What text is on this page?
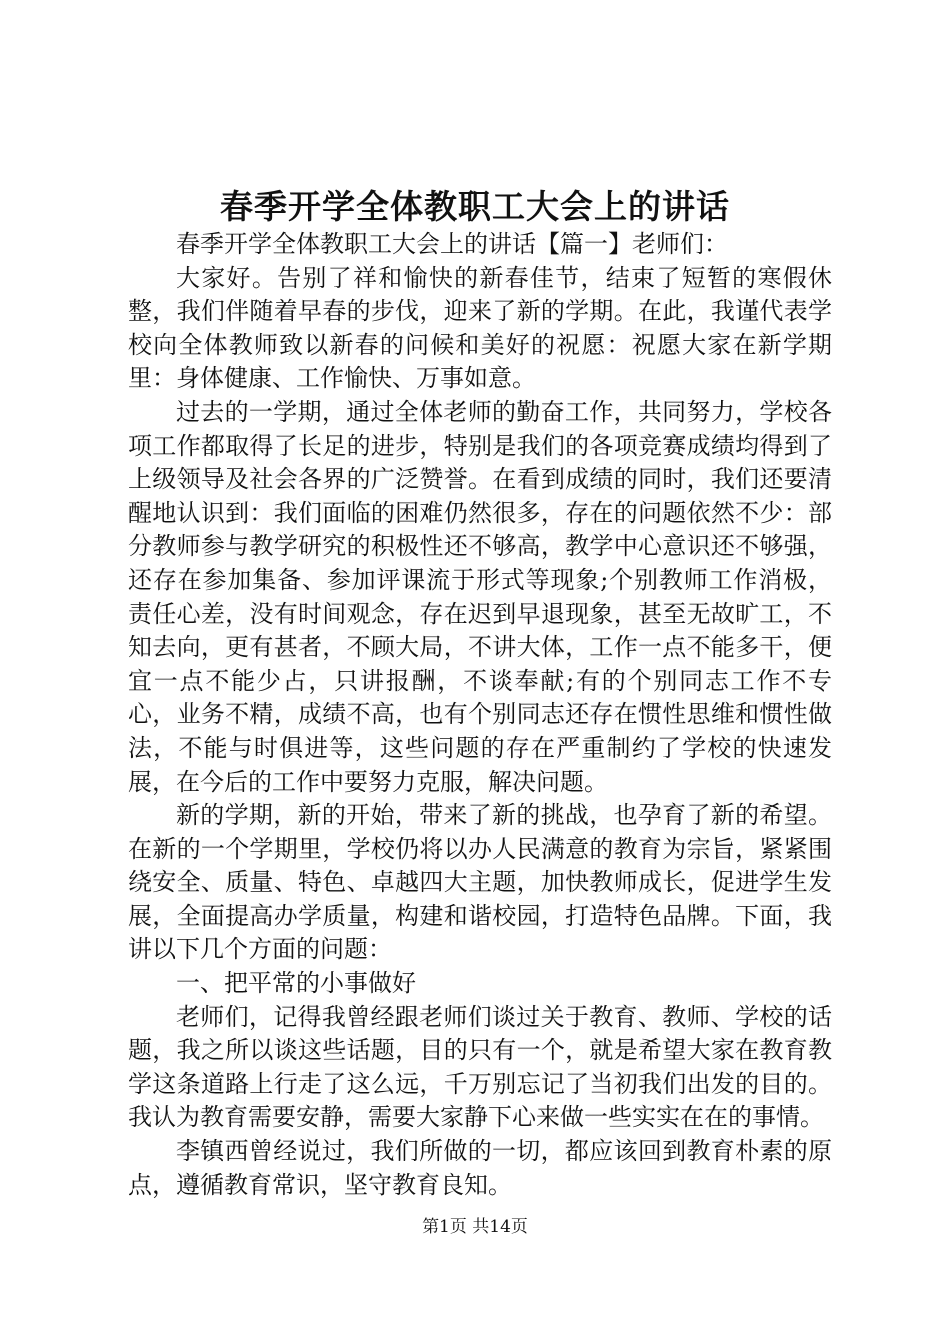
春季开学全体教职工大会上的讲话

春季开学全体教职工大会上的讲话【篇一】老师们：

大家好。告别了祥和愉快的新春佳节，结束了短暂的寒假休整，我们伴随着早春的步伐，迎来了新的学期。在此，我谨代表学校向全体教师致以新春的问候和美好的祝愿：祝愿大家在新学期里：身体健康、工作愉快、万事如意。

过去的一学期，通过全体老师的勤奋工作，共同努力，学校各项工作都取得了长足的进步，特别是我们的各项竞赛成绩均得到了上级领导及社会各界的广泛赞誉。在看到成绩的同时，我们还要清醒地认识到：我们面临的困难仍然很多，存在的问题依然不少：部分教师参与教学研究的积极性还不够高，教学中心意识还不够强，还存在参加集备、参加评课流于形式等现象;个别教师工作消极，责任心差，没有时间观念，存在迟到早退现象，甚至无故旷工，不知去向，更有甚者，不顾大局，不讲大体，工作一点不能多干，便宜一点不能少占，只讲报酬，不谈奉献;有的个别同志工作不专心，业务不精，成绩不高，也有个别同志还存在惯性思维和惯性做法，不能与时俱进等，这些问题的存在严重制约了学校的快速发展，在今后的工作中要努力克服，解决问题。

新的学期，新的开始，带来了新的挑战，也孕育了新的希望。在新的一个学期里，学校仍将以办人民满意的教育为宗旨，紧紧围绕安全、质量、特色、卓越四大主题，加快教师成长，促进学生发展，全面提高办学质量，构建和谐校园，打造特色品牌。下面，我讲以下几个方面的问题：

一、把平常的小事做好

老师们，记得我曾经跟老师们谈过关于教育、教师、学校的话题，我之所以谈这些话题，目的只有一个，就是希望大家在教育教学这条道路上行走了这么远，千万别忘记了当初我们出发的目的。我认为教育需要安静，需要大家静下心来做一些实实在在的事情。

李镇西曾经说过，我们所做的一切，都应该回到教育朴素的原点，遵循教育常识，坚守教育良知。

第1页 共14页
